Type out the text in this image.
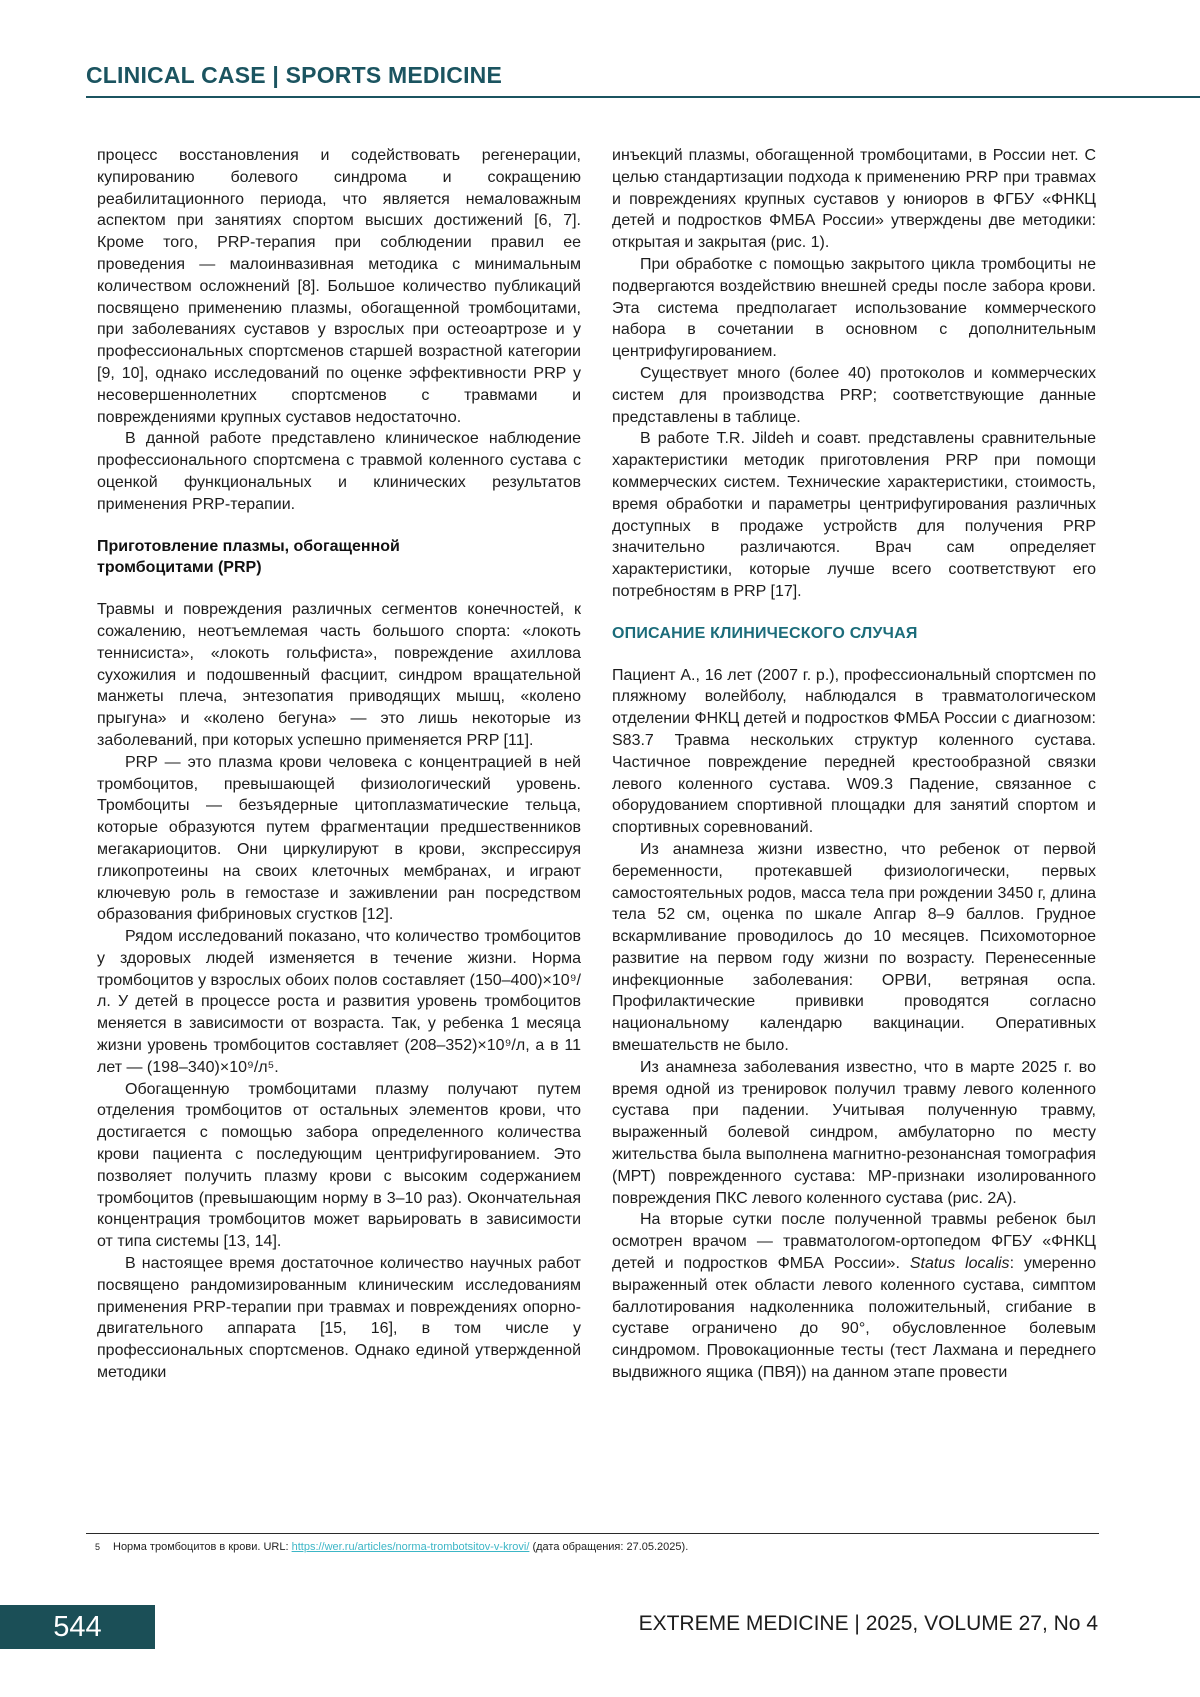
CLINICAL CASE | SPORTS MEDICINE

процесс восстановления и содействовать регенерации, купированию болевого синдрома и сокращению реабилитационного периода, что является немаловажным аспектом при занятиях спортом высших достижений [6, 7]. Кроме того, PRP-терапия при соблюдении правил ее проведения — малоинвазивная методика с минимальным количеством осложнений [8]. Большое количество публикаций посвящено применению плазмы, обогащенной тромбоцитами, при заболеваниях суставов у взрослых при остеоартрозе и у профессиональных спортсменов старшей возрастной категории [9, 10], однако исследований по оценке эффективности PRP у несовершеннолетних спортсменов с травмами и повреждениями крупных суставов недостаточно.

В данной работе представлено клиническое наблюдение профессионального спортсмена с травмой коленного сустава с оценкой функциональных и клинических результатов применения PRP-терапии.

Приготовление плазмы, обогащенной
тромбоцитами (PRP)

Травмы и повреждения различных сегментов конечностей, к сожалению, неотъемлемая часть большого спорта: «локоть теннисиста», «локоть гольфиста», повреждение ахиллова сухожилия и подошвенный фасциит, синдром вращательной манжеты плеча, энтезопатия приводящих мышц, «колено прыгуна» и «колено бегуна» — это лишь некоторые из заболеваний, при которых успешно применяется PRP [11].

PRP — это плазма крови человека с концентрацией в ней тромбоцитов, превышающей физиологический уровень. Тромбоциты — безъядерные цитоплазматические тельца, которые образуются путем фрагментации предшественников мегакариоцитов. Они циркулируют в крови, экспрессируя гликопротеины на своих клеточных мембранах, и играют ключевую роль в гемостазе и заживлении ран посредством образования фибриновых сгустков [12].

Рядом исследований показано, что количество тромбоцитов у здоровых людей изменяется в течение жизни. Норма тромбоцитов у взрослых обоих полов составляет (150–400)×10⁹/л. У детей в процессе роста и развития уровень тромбоцитов меняется в зависимости от возраста. Так, у ребенка 1 месяца жизни уровень тромбоцитов составляет (208–352)×10⁹/л, а в 11 лет — (198–340)×10⁹/л⁵.

Обогащенную тромбоцитами плазму получают путем отделения тромбоцитов от остальных элементов крови, что достигается с помощью забора определенного количества крови пациента с последующим центрифугированием. Это позволяет получить плазму крови с высоким содержанием тромбоцитов (превышающим норму в 3–10 раз). Окончательная концентрация тромбоцитов может варьировать в зависимости от типа системы [13, 14].

В настоящее время достаточное количество научных работ посвящено рандомизированным клиническим исследованиям применения PRP-терапии при травмах и повреждениях опорно-двигательного аппарата [15, 16], в том числе у профессиональных спортсменов. Однако единой утвержденной методики

инъекций плазмы, обогащенной тромбоцитами, в России нет. С целью стандартизации подхода к применению PRP при травмах и повреждениях крупных суставов у юниоров в ФГБУ «ФНКЦ детей и подростков ФМБА России» утверждены две методики: открытая и закрытая (рис. 1).

При обработке с помощью закрытого цикла тромбоциты не подвергаются воздействию внешней среды после забора крови. Эта система предполагает использование коммерческого набора в сочетании в основном с дополнительным центрифугированием.

Существует много (более 40) протоколов и коммерческих систем для производства PRP; соответствующие данные представлены в таблице.

В работе T.R. Jildeh и соавт. представлены сравнительные характеристики методик приготовления PRP при помощи коммерческих систем. Технические характеристики, стоимость, время обработки и параметры центрифугирования различных доступных в продаже устройств для получения PRP значительно различаются. Врач сам определяет характеристики, которые лучше всего соответствуют его потребностям в PRP [17].

ОПИСАНИЕ КЛИНИЧЕСКОГО СЛУЧАЯ

Пациент А., 16 лет (2007 г. р.), профессиональный спортсмен по пляжному волейболу, наблюдался в травматологическом отделении ФНКЦ детей и подростков ФМБА России с диагнозом: S83.7 Травма нескольких структур коленного сустава. Частичное повреждение передней крестообразной связки левого коленного сустава. W09.3 Падение, связанное с оборудованием спортивной площадки для занятий спортом и спортивных соревнований.

Из анамнеза жизни известно, что ребенок от первой беременности, протекавшей физиологически, первых самостоятельных родов, масса тела при рождении 3450 г, длина тела 52 см, оценка по шкале Апгар 8–9 баллов. Грудное вскармливание проводилось до 10 месяцев. Психомоторное развитие на первом году жизни по возрасту. Перенесенные инфекционные заболевания: ОРВИ, ветряная оспа. Профилактические прививки проводятся согласно национальному календарю вакцинации. Оперативных вмешательств не было.

Из анамнеза заболевания известно, что в марте 2025 г. во время одной из тренировок получил травму левого коленного сустава при падении. Учитывая полученную травму, выраженный болевой синдром, амбулаторно по месту жительства была выполнена магнитно-резонансная томография (МРТ) поврежденного сустава: МР-признаки изолированного повреждения ПКС левого коленного сустава (рис. 2А).

На вторые сутки после полученной травмы ребенок был осмотрен врачом — травматологом-ортопедом ФГБУ «ФНКЦ детей и подростков ФМБА России». Status localis: умеренно выраженный отек области левого коленного сустава, симптом баллотирования надколенника положительный, сгибание в суставе ограничено до 90°, обусловленное болевым синдромом. Провокационные тесты (тест Лахмана и переднего выдвижного ящика (ПВЯ)) на данном этапе провести

5 Норма тромбоцитов в крови. URL: https://wer.ru/articles/norma-trombotsitov-v-krovi/ (дата обращения: 27.05.2025).
544	EXTREME MEDICINE | 2025, VOLUME 27, No 4
